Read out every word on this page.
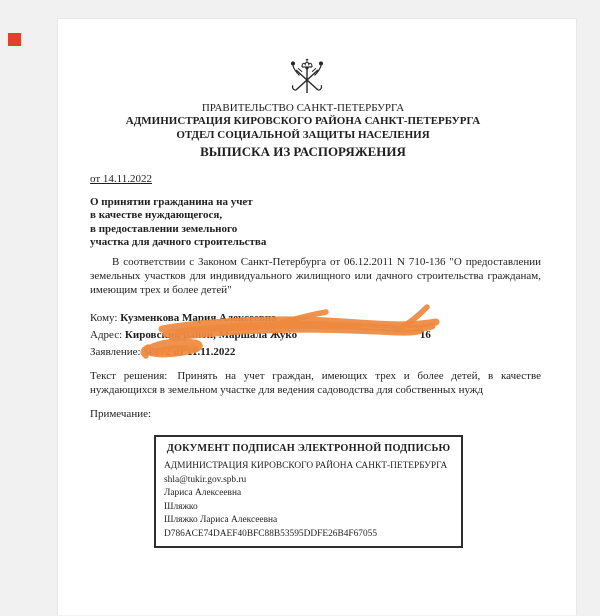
ПРАВИТЕЛЬСТВО САНКТ-ПЕТЕРБУРГА
АДМИНИСТРАЦИЯ КИРОВСКОГО РАЙОНА САНКТ-ПЕТЕРБУРГА
ОТДЕЛ СОЦИАЛЬНОЙ ЗАЩИТЫ НАСЕЛЕНИЯ
ВЫПИСКА ИЗ РАСПОРЯЖЕНИЯ
от 14.11.2022
О принятии гражданина на учет
в качестве нуждающегося,
в предоставлении земельного
участка для дачного строительства
В соответствии с Законом Санкт-Петербурга от 06.12.2011 N 710-136 "О предоставлении земельных участков для индивидуального жилищного или дачного строительства гражданам, имеющим трех и более детей"
Кому: Кузменкова Мария Алексеевна
Адрес: Кировский район, Маршала Жуко	16
Заявление: 50172 от 11.11.2022
Текст решения: Принять на учет граждан, имеющих трех и более детей, в качестве нуждающихся в земельном участке для ведения садоводства для собственных нужд
Примечание:
ДОКУМЕНТ ПОДПИСАН ЭЛЕКТРОННОЙ ПОДПИСЬЮ
АДМИНИСТРАЦИЯ КИРОВСКОГО РАЙОНА САНКТ-ПЕТЕРБУРГА
shla@tukir.gov.spb.ru
Лариса Алексеевна
Шляжко
Шляжко Лариса Алексеевна
D786ACE74DAEF40BFC88B53595DDFE26B4F67055
